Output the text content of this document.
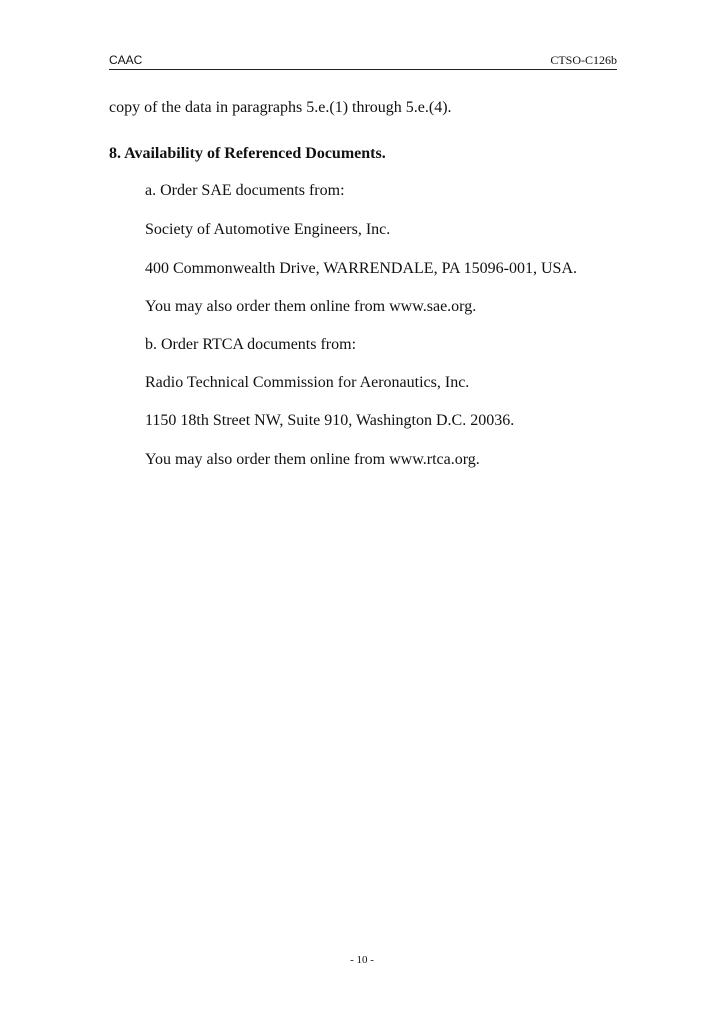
CAAC	CTSO-C126b
copy of the data in paragraphs 5.e.(1) through 5.e.(4).
8. Availability of Referenced Documents.
a. Order SAE documents from:
Society of Automotive Engineers, Inc.
400 Commonwealth Drive, WARRENDALE, PA 15096-001, USA.
You may also order them online from www.sae.org.
b. Order RTCA documents from:
Radio Technical Commission for Aeronautics, Inc.
1150 18th Street NW, Suite 910, Washington D.C. 20036.
You may also order them online from www.rtca.org.
- 10 -
